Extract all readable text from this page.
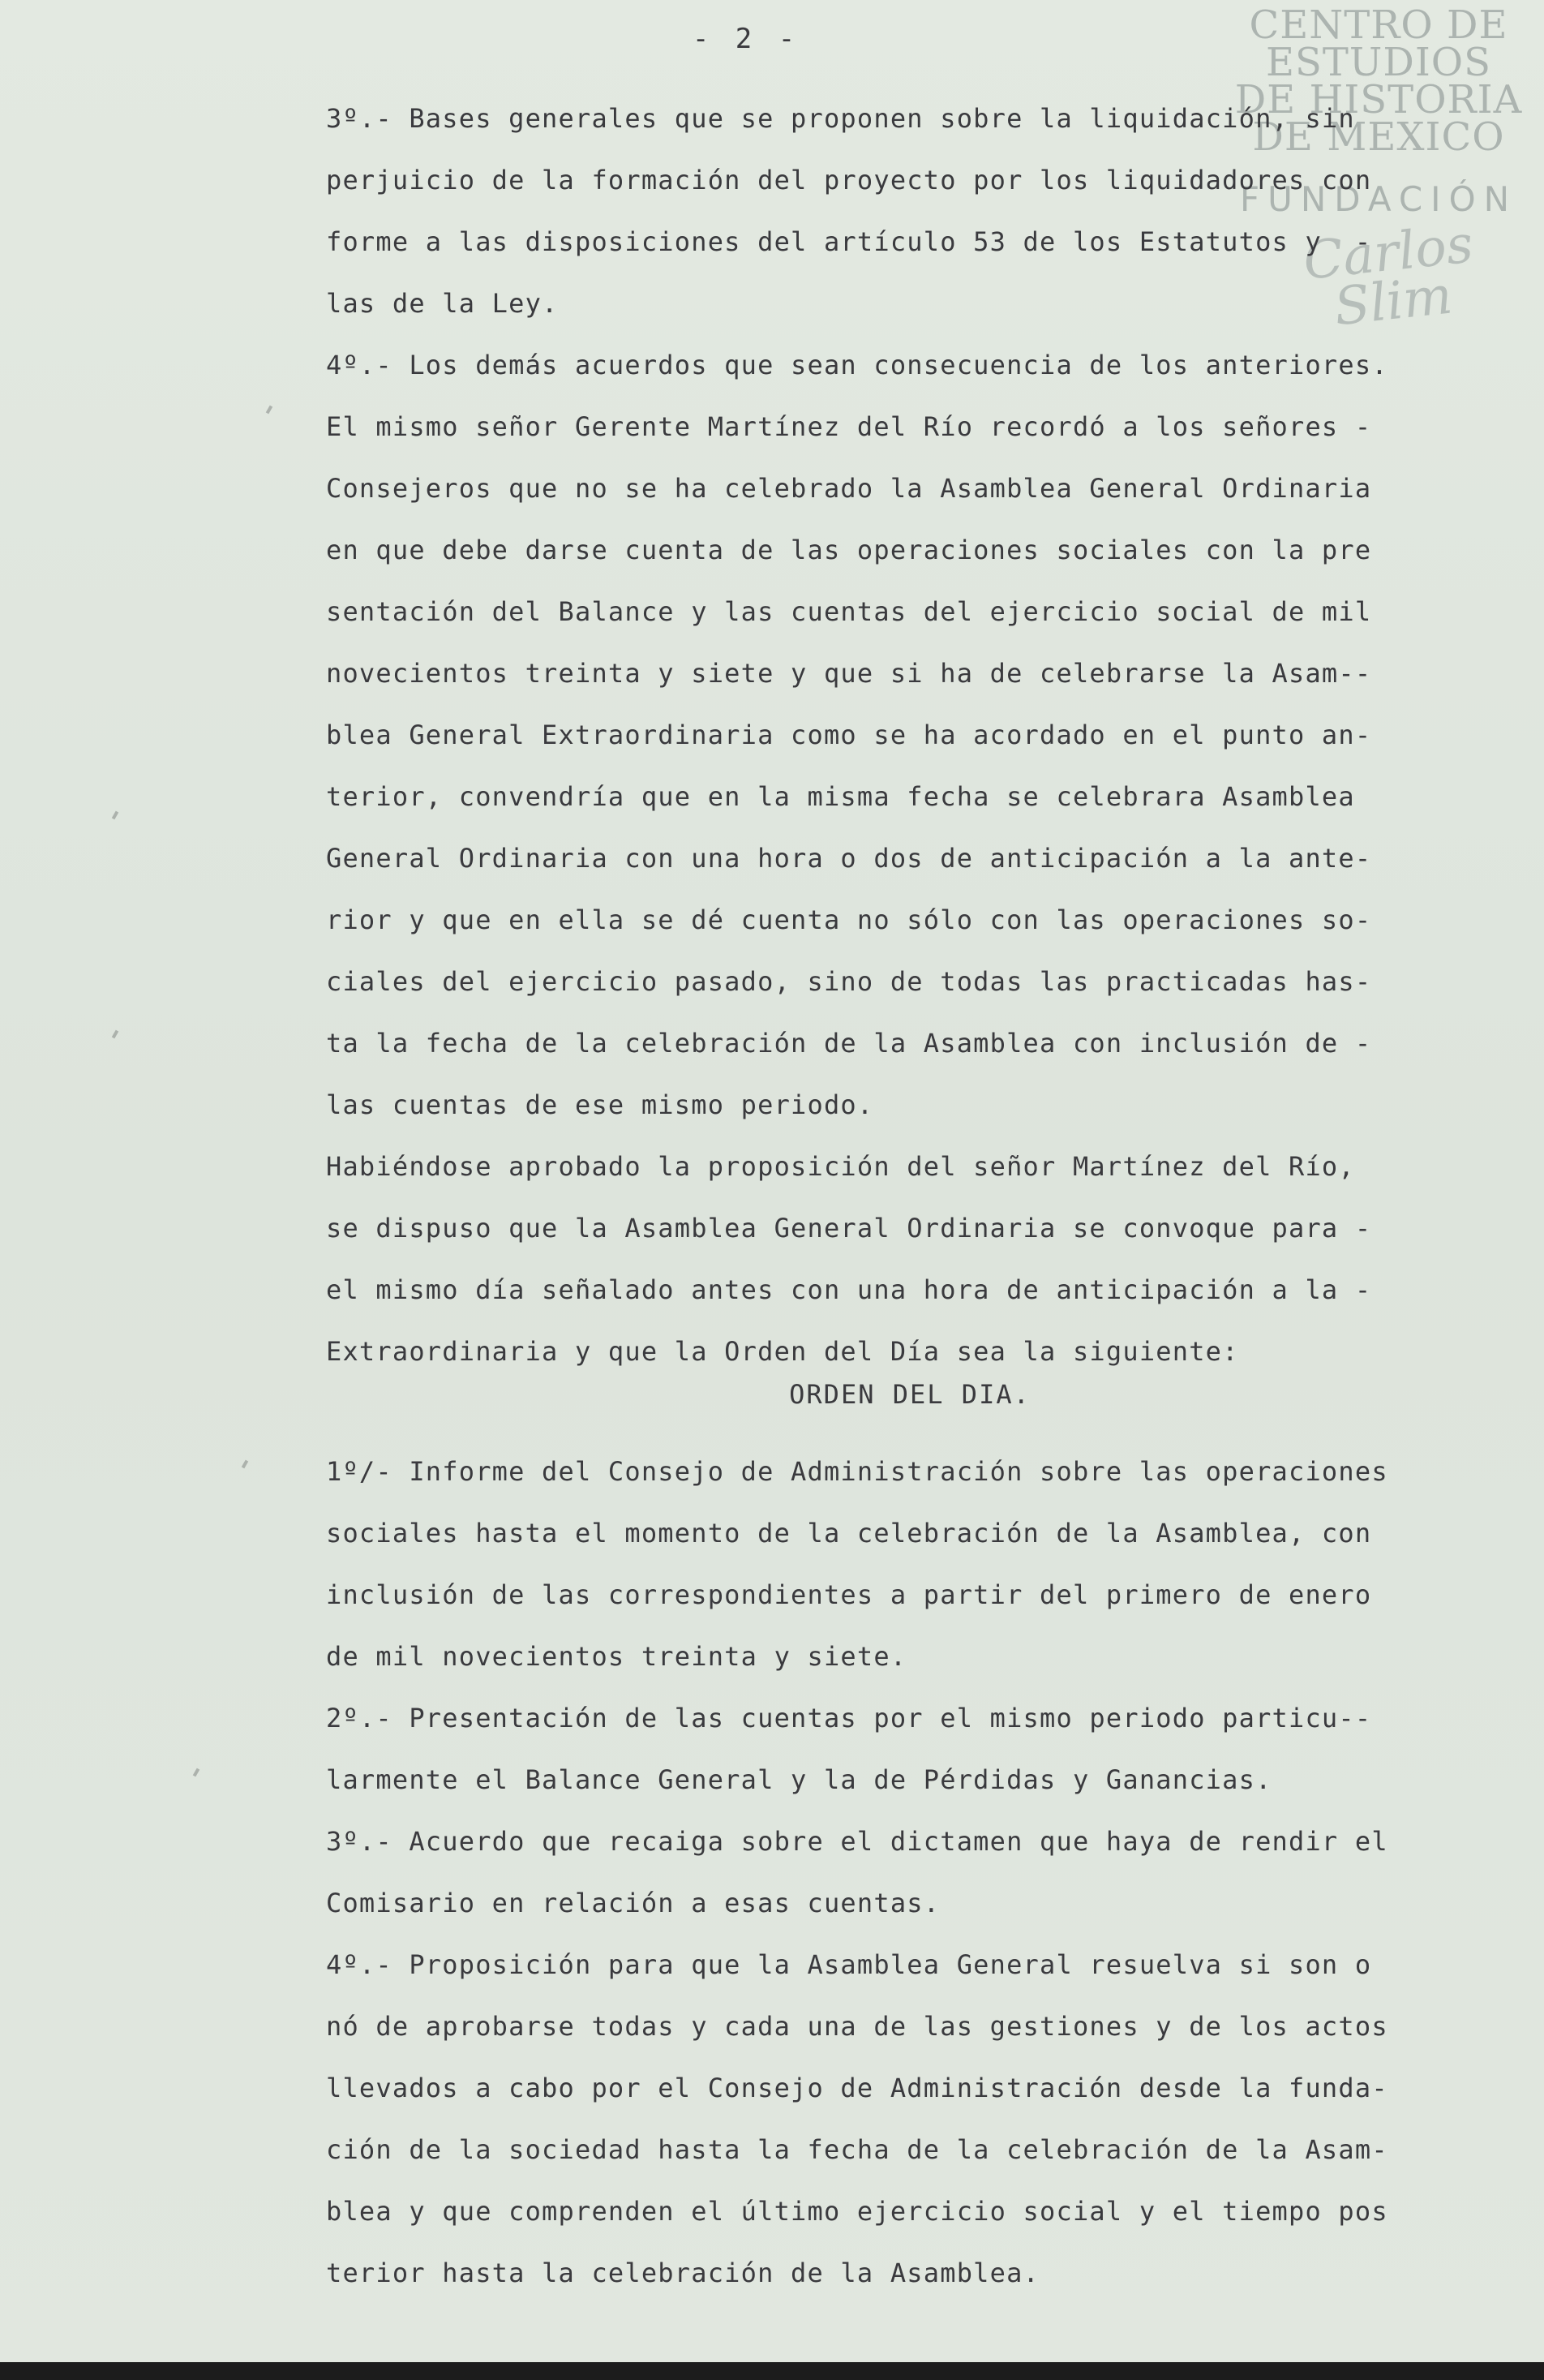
- 2 -	CENTRO DE
ESTUDIOS
DE HISTORIA
DE MEXICO
FUNDACIÓN
Carlos Slim
3º.- Bases generales que se proponen sobre la liquidación, sin
perjuicio de la formación del proyecto por los liquidadores con
forme a las disposiciones del artículo 53 de los Estatutos y  -
las de la Ley.
4º.- Los demás acuerdos que sean consecuencia de los anteriores.
El mismo señor Gerente Martínez del Río recordó a los señores -
Consejeros que no se ha celebrado la Asamblea General Ordinaria
en que debe darse cuenta de las operaciones sociales con la pre
sentación del Balance y las cuentas del ejercicio social de mil
novecientos treinta y siete y que si ha de celebrarse la Asam--
blea General Extraordinaria como se ha acordado en el punto an-
terior, convendría que en la misma fecha se celebrara Asamblea
General Ordinaria con una hora o dos de anticipación a la ante-
rior y que en ella se dé cuenta no sólo con las operaciones so-
ciales del ejercicio pasado, sino de todas las practicadas has-
ta la fecha de la celebración de la Asamblea con inclusión de -
las cuentas de ese mismo periodo.
Habiéndose aprobado la proposición del señor Martínez del Río,
se dispuso que la Asamblea General Ordinaria se convoque para -
el mismo día señalado antes con una hora de anticipación a la -
Extraordinaria y que la Orden del Día sea la siguiente:
ORDEN DEL DIA.
1º/- Informe del Consejo de Administración sobre las operaciones
sociales hasta el momento de la celebración de la Asamblea, con
inclusión de las correspondientes a partir del primero de enero
de mil novecientos treinta y siete.
2º.- Presentación de las cuentas por el mismo periodo particu--
larmente el Balance General y la de Pérdidas y Ganancias.
3º.- Acuerdo que recaiga sobre el dictamen que haya de rendir el
Comisario en relación a esas cuentas.
4º.- Proposición para que la Asamblea General resuelva si son o
nó de aprobarse todas y cada una de las gestiones y de los actos
llevados a cabo por el Consejo de Administración desde la funda-
ción de la sociedad hasta la fecha de la celebración de la Asam-
blea y que comprenden el último ejercicio social y el tiempo pos
terior hasta la celebración de la Asamblea.
